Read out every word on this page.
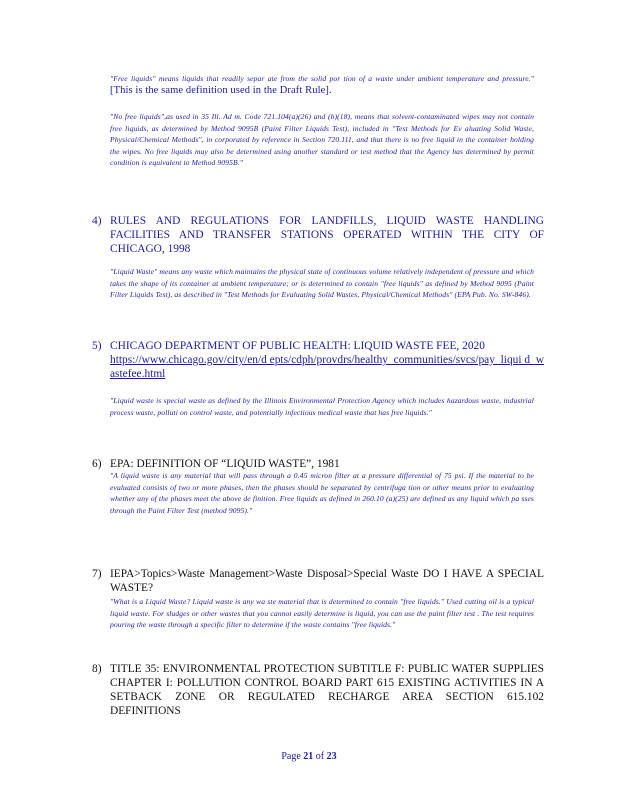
"Free liquids" means liquids that readily separ ate from the solid por tion of a waste under ambient temperature and pressure." [This is the same definition used in the Draft Rule].
"No free liquids",as used in 35 Ill. Ad m. Code 721.104(a)(26) and (b)(18), means that solvent-contaminated wipes may not contain free liquids, as determined by Method 9095B (Paint Filter Liquids Test), included in "Test Methods for Ev aluating Solid Waste, Physical/Chemical Methods", in corporated by reference in Section 720.111, and that there is no free liquid in the container holding the wipes. No free liquids may also be determined using another standard or test method that the Agency has determined by permit condition is equivalent to Method 9095B."
4) RULES AND REGULATIONS FOR LANDFILLS, LIQUID WASTE HANDLING FACILITIES AND TRANSFER STATIONS OPERATED WITHIN THE CITY OF CHICAGO, 1998
"Liquid Waste" means any waste which maintains the physical state of continuous volume relatively independent of pressure and which takes the shape of its container at ambient temperature; or is determined to contain "free liquids" as defined by Method 9095 (Paint Filter Liquids Test), as described in "Test Methods for Evaluating Solid Wastes, Physical/Chemical Methods" (EPA Pub. No. SW-846).
5) CHICAGO DEPARTMENT OF PUBLIC HEALTH: LIQUID WASTE FEE, 2020
https://www.chicago.gov/city/en/d epts/cdph/provdrs/healthy_communities/svcs/pay_liqui d_wastefee.html
"Liquid waste is special waste as defined by the Illinois Environmental Protection Agency which includes hazardous waste, industrial process waste, polluti on control waste, and potentially infectious medical waste that has free liquids."
6) EPA: DEFINITION OF “LIQUID WASTE”, 1981
"A liquid waste is any material that will pass through a 0.45 micron filter at a pressure differential of 75 psi. If the material to be evaluated consists of two or more phases, then the phases should be separated by centrifuga tion or other means prior to evaluating whether any of the phases meet the above de finition. Free liquids as defined in 260.10 (a)(25) are defined as any liquid which pa sses through the Paint Filter Test (method 9095)."
7) IEPA>Topics>Waste Management>Waste Disposal>Special Waste DO I HAVE A SPECIAL WASTE?
"What is a Liquid Waste? Liquid waste is any wa ste material that is determined to contain "free liquids." Used cutting oil is a typical liquid waste. For sludges or other wastes that you cannot easily determine is liquid, you can use the paint filter test . The test requires pouring the waste through a specific filter to determine if the waste contains "free liquids."
8) TITLE 35: ENVIRONMENTAL PROTECTION SUBTITLE F: PUBLIC WATER SUPPLIES CHAPTER I: POLLUTION CONTROL BOARD PART 615 EXISTING ACTIVITIES IN A SETBACK ZONE OR REGULATED RECHARGE AREA SECTION 615.102 DEFINITIONS
Page 21 of 23
